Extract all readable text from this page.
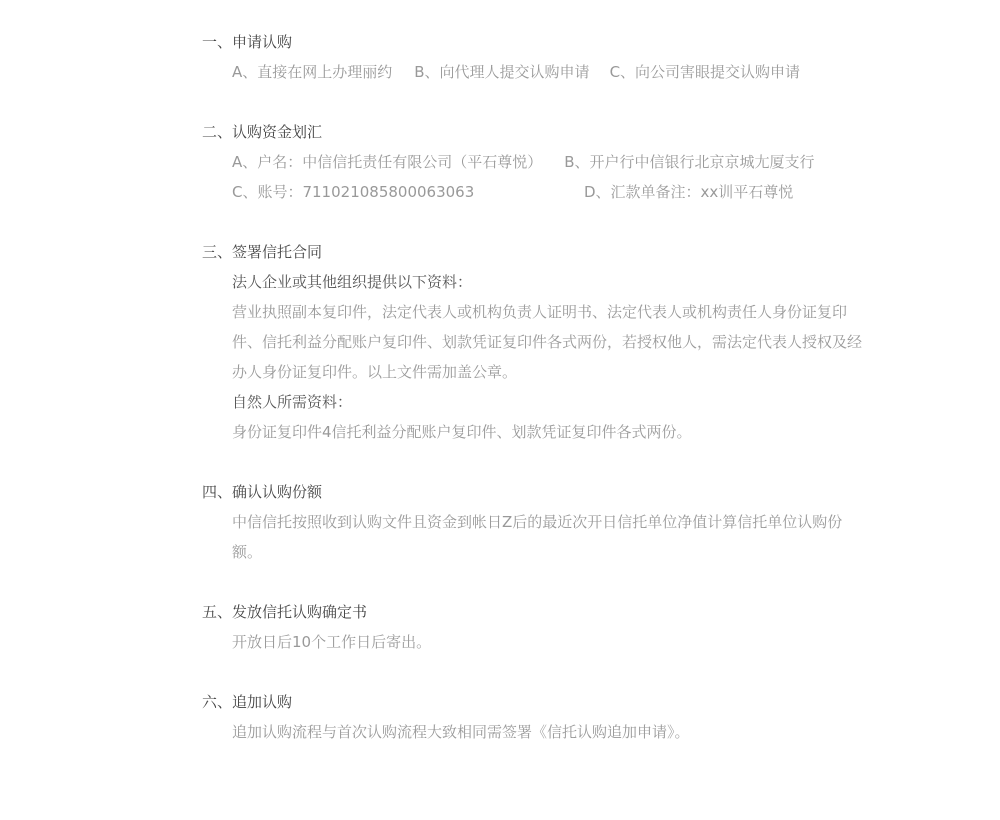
一、申请认购
A、直接在网上办理丽约 B、向代理人提交认购申请 C、向公司害眼提交认购申请
二、认购资金划汇
A、户名：中信信托责任有限公司（平石尊悦） B、开户行中信银行北京京城尢厦支行
C、账号：711021085800063063	D、汇款单备注：xx训平石尊悦
三、签署信托合同
法人企业或其他组织提供以下资料：
营业执照副本复印件，法定代表人或机构负责人证明书、法定代表人或机构责任人身份证复印件、信托利益分配账户复印件、划款凭证复印件各式两份，若授权他人，需法定代表人授权及经办人身份证复印件。以上文件需加盖公章。
自然人所需资料：
身份证复印件4信托利益分配账户复印件、划款凭证复印件各式两份。
四、确认认购份额
中信信托按照收到认购文件且资金到帐日Z后的最近次开日信托单位净值计算信托单位认购份额。
五、发放信托认购确定书
开放日后10个工作日后寄出。
六、追加认购
追加认购流程与首次认购流程大致相同需签署《信托认购追加申请》。
